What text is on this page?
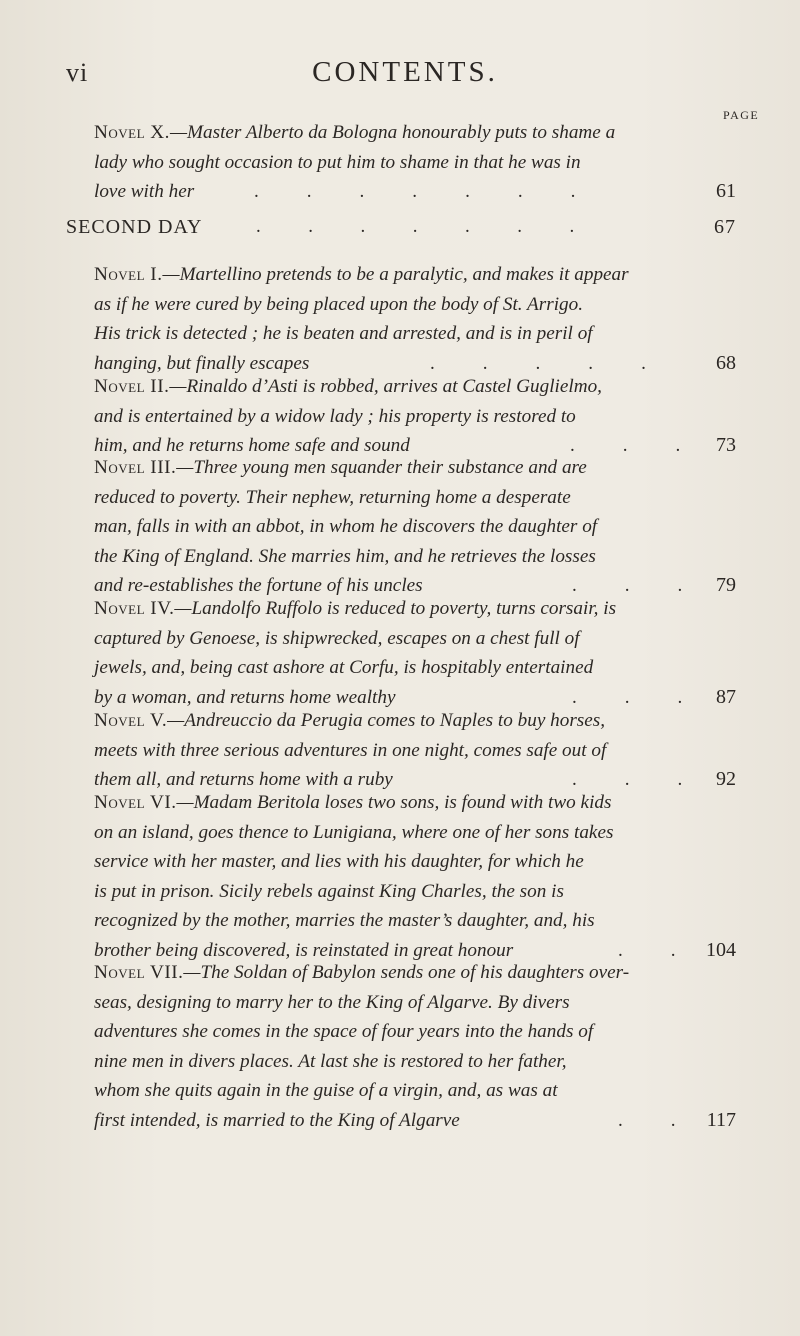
vi	CONTENTS.
PAGE
Novel X.—Master Alberto da Bologna honourably puts to shame a
lady who sought occasion to put him to shame in that he was in
love with her	.          .          .          .          .          .          .	61
SECOND DAY	.          .          .          .          .          .          .	67
Novel I.—Martellino pretends to be a paralytic, and makes it appear
as if he were cured by being placed upon the body of St. Arrigo.
His trick is detected ; he is beaten and arrested, and is in peril of
hanging, but finally escapes	.          .          .          .          .	68
Novel II.—Rinaldo d’Asti is robbed, arrives at Castel Guglielmo,
and is entertained by a widow lady ; his property is restored to
him, and he returns home safe and sound	.          .          . 73
Novel III.—Three young men squander their substance and are
reduced to poverty. Their nephew, returning home a desperate
man, falls in with an abbot, in whom he discovers the daughter of
the King of England. She marries him, and he retrieves the losses
and re-establishes the fortune of his uncles	.          .          . 79
Novel IV.—Landolfo Ruffolo is reduced to poverty, turns corsair, is
captured by Genoese, is shipwrecked, escapes on a chest full of
jewels, and, being cast ashore at Corfu, is hospitably entertained
by a woman, and returns home wealthy	.          .          . 87
Novel V.—Andreuccio da Perugia comes to Naples to buy horses,
meets with three serious adventures in one night, comes safe out of
them all, and returns home with a ruby	.          .          . 92
Novel VI.—Madam Beritola loses two sons, is found with two kids
on an island, goes thence to Lunigiana, where one of her sons takes
service with her master, and lies with his daughter, for which he
is put in prison. Sicily rebels against King Charles, the son is
recognized by the mother, marries the master’s daughter, and, his
brother being discovered, is reinstated in great honour	.          . 104
Novel VII.—The Soldan of Babylon sends one of his daughters over-
seas, designing to marry her to the King of Algarve. By divers
adventures she comes in the space of four years into the hands of
nine men in divers places. At last she is restored to her father,
whom she quits again in the guise of a virgin, and, as was at
first intended, is married to the King of Algarve	.          . 117
